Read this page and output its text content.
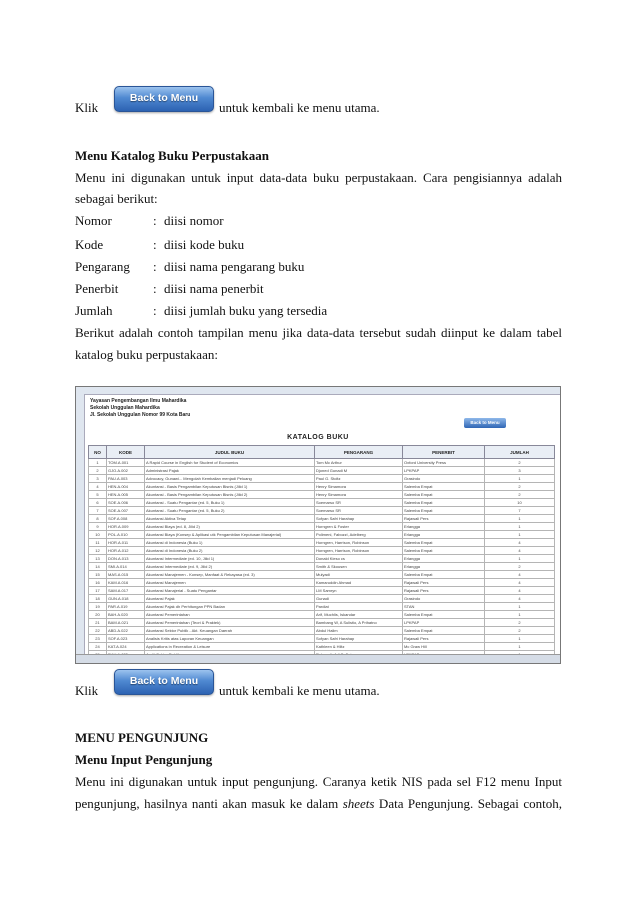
Klik
Back to Menu
untuk kembali ke menu utama.
Menu Katalog Buku Perpustakaan
Menu ini digunakan untuk input data-data buku perpustakaan. Cara pengisiannya adalah
sebagai berikut:
Nomor	: diisi nomor
Kode	: diisi kode buku
Pengarang : diisi nama pengarang buku
Penerbit	: diisi nama penerbit
Jumlah	: diisi jumlah buku yang tersedia
Berikut adalah contoh tampilan menu jika data-data tersebut sudah diinput ke dalam tabel
katalog buku perpustakaan:
Yayasan Pengembangan Ilmu Mahardika
Sekolah Unggulan Mahardika
Jl. Sekolah Unggulan Nomor 99 Kota Baru
Back to Menu
KATALOG BUKU
NO	KODE	JUDUL BUKU	PENGARANG	PENERBIT	JUMLAH
1	TOM.A.001	A Rapid Course in English for Student of Economics	Tom Mc Arthur	Oxford University Press	2
2	GJO.A.002	Administrasi Pajak	Djoned Gunadi M	LPKPAP	3
3	PAU.A.003	Advocacy, Gunawi... Mengolah Kembalian menjadi Peluang	Paul G. Stoltz	Grasindo	1
4	HEN.A.004	Akuntansi - Basis Pengambilan Keputusan Bisnis (Jilid 1)	Henry Simamora	Salemba Empat	2
5	HEN.A.005	Akuntansi - Basis Pengambilan Keputusan Bisnis (Jilid 2)	Henry Simamora	Salemba Empat	2
6	SOE.A.006	Akuntansi - Suatu Pengantar (ed. 5, Buku 1)	Soemarso SR	Salemba Empat	10
7	SOE.A.007	Akuntansi - Suatu Pengantar (ed. 5, Buku 2)	Soemarso SR	Salemba Empat	7
8	SOF.A.008	Akuntansi Aktiva Tetap	Sofyan Safri Harahap	Rajawali Pers	1
9	HOR.A.009	Akuntansi Biaya (ed. 8, Jilid 2)	Horngren & Foster	Erlangga	1
10	POL.A.010	Akuntansi Biaya (Konsep & Aplikasi utk Pengambilan Keputusan Manajerial)	Polimeni, Fabozzi, Adelberg	Erlangga	1
11	HOR.A.011	Akuntansi di Indonesia (Buku 1)	Horngren, Harrison, Robinson	Salemba Empat	4
12	HOR.A.012	Akuntansi di Indonesia (Buku 2)	Horngren, Harrison, Robinson	Salemba Empat	4
13	DON.A.013	Akuntansi Intermediate (ed. 10, Jilid 1)	Donald Kieso cs	Erlangga	1
14	SMI.A.014	Akuntansi Intermediate (ed. 9, Jilid 2)	Smith & Skousen	Erlangga	2
15	MAS.A.015	Akuntansi Manajemen - Konsep, Manfaat & Rekayasa (ed. 3)	Mulyadi	Salemba Empat	4
16	KAM.A.016	Akuntansi Manajemen	Kamaruddin Ahmad	Rajawali Pers	4
17	SAM.A.017	Akuntansi Manajerial - Suatu Pengantar	LM Samryn	Rajawali Pers	4
18	GUN.A.018	Akuntansi Pajak	Gunadi	Grasindo	4
19	PAR.A.019	Akuntansi Pajak dh Perhitungan PPN Badan	Pardiat	STAN	1
20	BAH.A.020	Akuntansi Pemerintahan	Arif, Muchlis, Iskandar	Salemba Empat	1
21	BAM.A.021	Akuntansi Pemerintahan (Teori & Praktek)	Bambang W, A Sulistio, A Prihatno	LPKPAP	2
22	ABD.A.022	Akuntansi Sektor Publik - Akt. Keuangan Daerah	Abdul Halim	Salemba Empat	2
23	SOF.A.023	Analisis Kritis atas Laporan Keuangan	Sofyan Safri Harahap	Rajawali Pers	1
24	KAT.A.024	Applications in Recreation & Leisure	Kathleen & Hiltz	Mc Graw Hill	1

Klik
Back to Menu
untuk kembali ke menu utama.
MENU PENGUNJUNG
Menu Input Pengunjung
Menu ini digunakan untuk input pengunjung. Caranya ketik NIS pada sel F12 menu Input
pengunjung, hasilnya nanti akan masuk ke dalam sheets Data Pengunjung. Sebagai contoh,
